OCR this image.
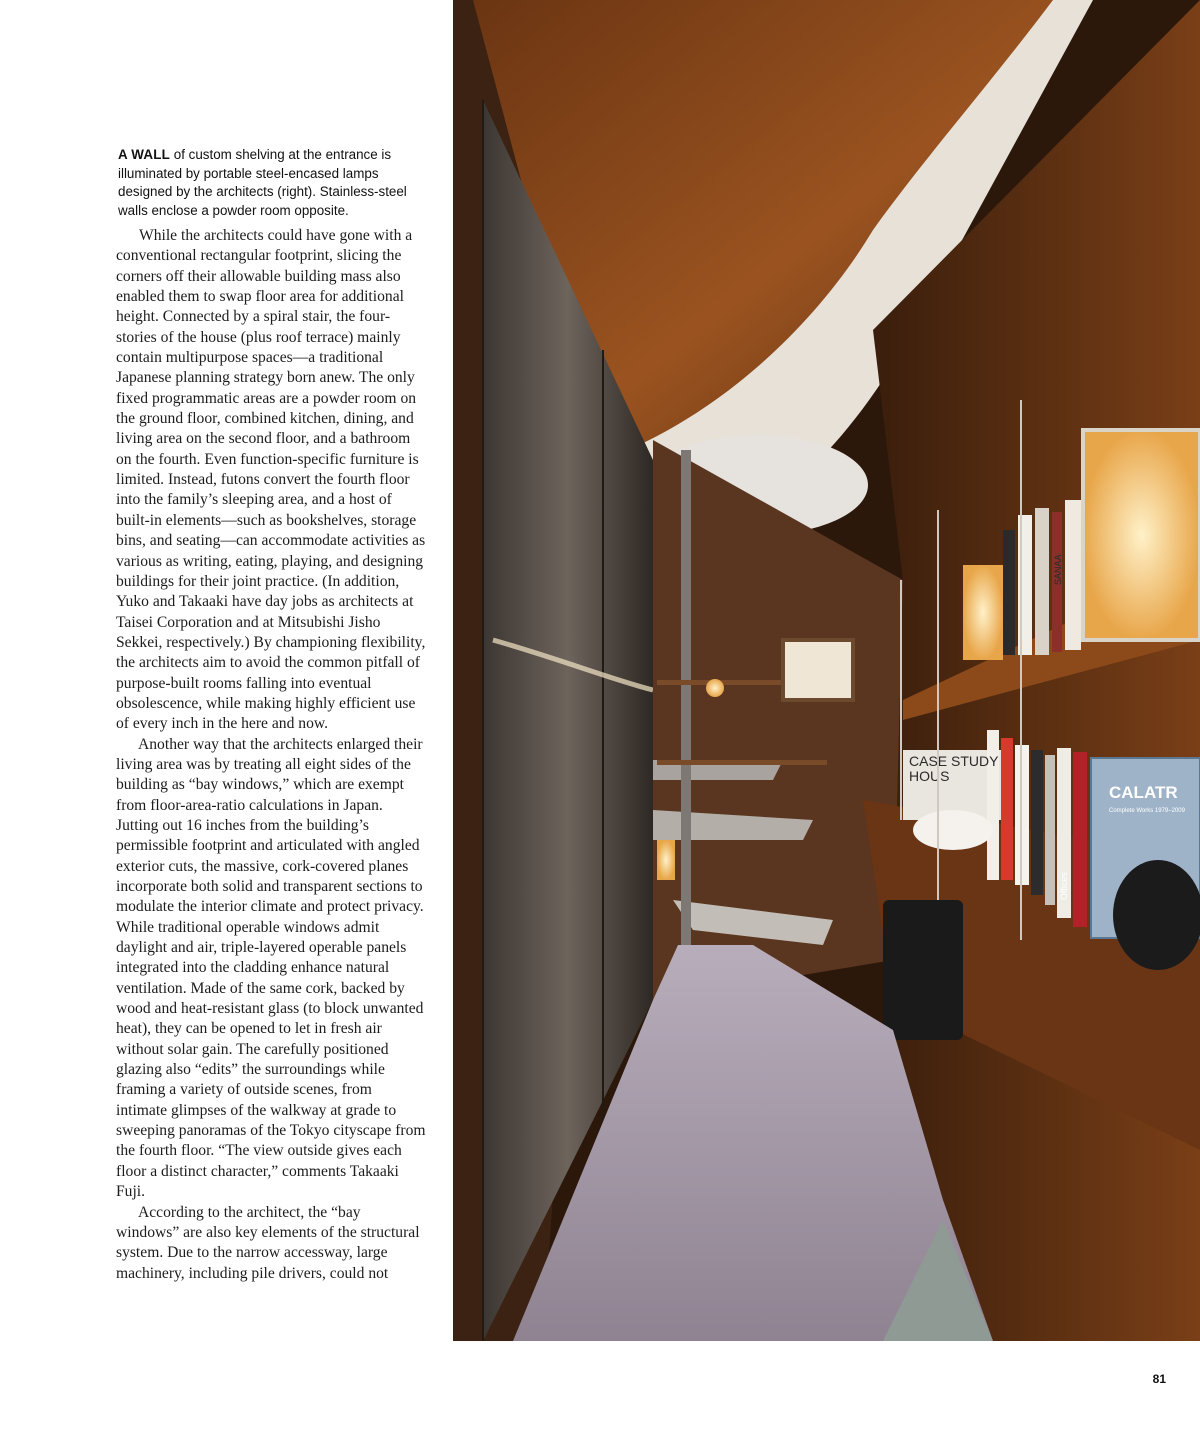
A WALL of custom shelving at the entrance is illuminated by portable steel-encased lamps designed by the architects (right). Stainless-steel walls enclose a powder room opposite.

While the architects could have gone with a conventional rectangular footprint, slicing the corners off their allowable building mass also enabled them to swap floor area for additional height. Connected by a spiral stair, the four-stories of the house (plus roof terrace) mainly contain multipurpose spaces—a traditional Japanese planning strategy born anew. The only fixed programmatic areas are a powder room on the ground floor, combined kitchen, dining, and living area on the second floor, and a bathroom on the fourth. Even function-specific furniture is limited. Instead, futons convert the fourth floor into the family’s sleeping area, and a host of built-in elements—such as bookshelves, storage bins, and seating—can accommodate activities as various as writing, eating, playing, and designing buildings for their joint practice. (In addition, Yuko and Takaaki have day jobs as architects at Taisei Corporation and at Mitsubishi Jisho Sekkei, respectively.) By championing flexibility, the architects aim to avoid the common pitfall of purpose-built rooms falling into eventual obsolescence, while making highly efficient use of every inch in the here and now.

Another way that the architects enlarged their living area was by treating all eight sides of the building as “bay windows,” which are exempt from floor-area-ratio calculations in Japan. Jutting out 16 inches from the building’s permissible footprint and articulated with angled exterior cuts, the massive, cork-covered planes incorporate both solid and transparent sections to modulate the interior climate and protect privacy. While traditional operable windows admit daylight and air, triple-layered operable panels integrated into the cladding enhance natural ventilation. Made of the same cork, backed by wood and heat-resistant glass (to block unwanted heat), they can be opened to let in fresh air without solar gain. The carefully positioned glazing also “edits” the surroundings while framing a variety of outside scenes, from intimate glimpses of the walkway at grade to sweeping panoramas of the Tokyo cityscape from the fourth floor. “The view outside gives each floor a distinct character,” comments Takaaki Fuji.

According to the architect, the “bay windows” are also key elements of the structural system. Due to the narrow accessway, large machinery, including pile drivers, could not

CASE STUDY
HOUS
CALATR
Complete Works 1979–2009
Offices
SANAA
81
